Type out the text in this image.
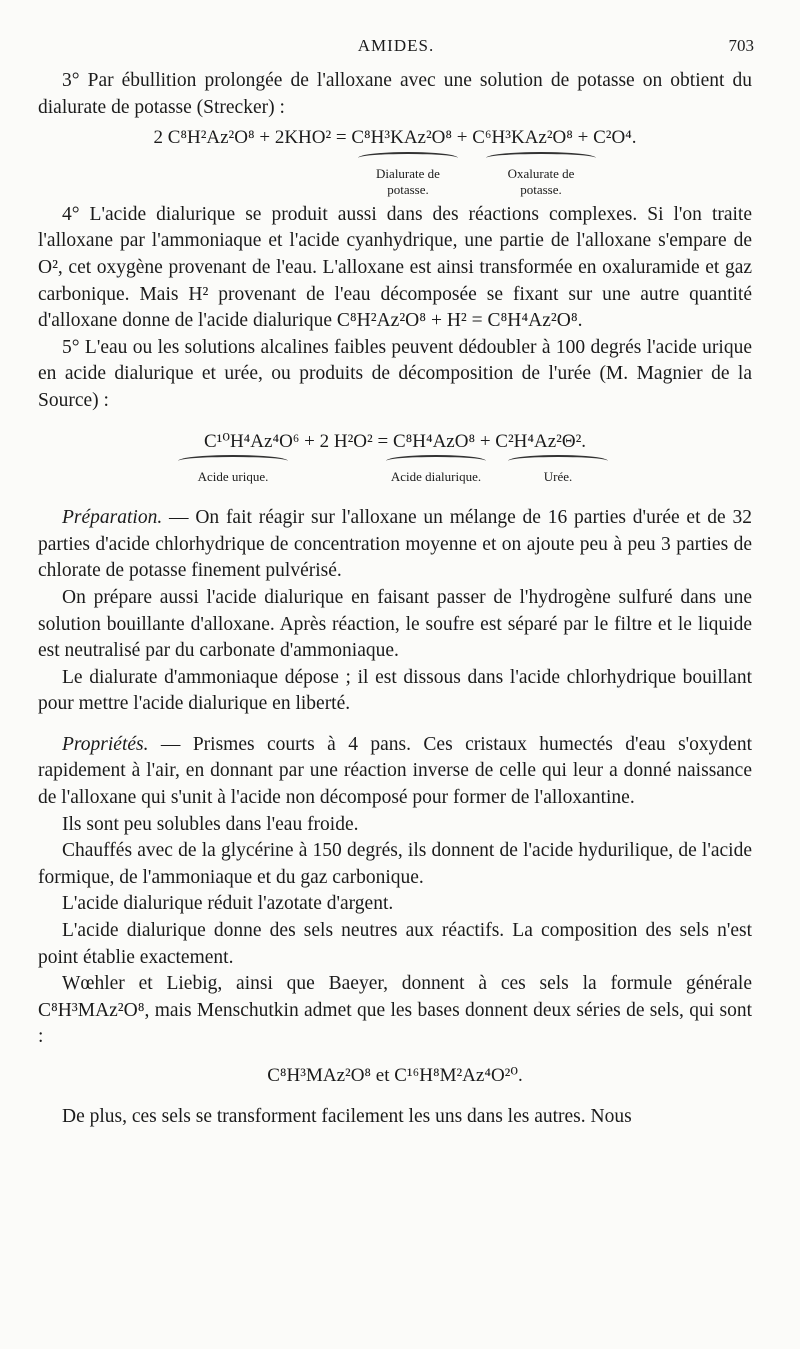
AMIDES.	703

3° Par ébullition prolongée de l'alloxane avec une solution de potasse on obtient du dialurate de potasse (Strecker) :

2 C⁸H²Az²O⁸ + 2KHO² = C⁸H³KAz²O⁸ + C⁶H³KAz²O⁸ + C²O⁴.
Dialurate de potasse.
Oxalurate de potasse.

4° L'acide dialurique se produit aussi dans des réactions complexes. Si l'on traite l'alloxane par l'ammoniaque et l'acide cyanhydrique, une partie de l'alloxane s'empare de O², cet oxygène provenant de l'eau. L'alloxane est ainsi transformée en oxaluramide et gaz carbonique. Mais H² provenant de l'eau décomposée se fixant sur une autre quantité d'alloxane donne de l'acide dialurique C⁸H²Az²O⁸ + H² = C⁸H⁴Az²O⁸.

5° L'eau ou les solutions alcalines faibles peuvent dédoubler à 100 degrés l'acide urique en acide dialurique et urée, ou produits de décomposition de l'urée (M. Magnier de la Source) :

C¹⁰H⁴Az⁴O⁶ + 2 H²O² = C⁸H⁴AzO⁸ + C²H⁴Az²Θ².
Acide urique.	Acide dialurique.	Urée.

Préparation. — On fait réagir sur l'alloxane un mélange de 16 parties d'urée et de 32 parties d'acide chlorhydrique de concentration moyenne et on ajoute peu à peu 3 parties de chlorate de potasse finement pulvérisé.

On prépare aussi l'acide dialurique en faisant passer de l'hydrogène sulfuré dans une solution bouillante d'alloxane. Après réaction, le soufre est séparé par le filtre et le liquide est neutralisé par du carbonate d'ammoniaque.

Le dialurate d'ammoniaque dépose ; il est dissous dans l'acide chlorhydrique bouillant pour mettre l'acide dialurique en liberté.

Propriétés. — Prismes courts à 4 pans. Ces cristaux humectés d'eau s'oxydent rapidement à l'air, en donnant par une réaction inverse de celle qui leur a donné naissance de l'alloxane qui s'unit à l'acide non décomposé pour former de l'alloxantine.

Ils sont peu solubles dans l'eau froide.

Chauffés avec de la glycérine à 150 degrés, ils donnent de l'acide hydurilique, de l'acide formique, de l'ammoniaque et du gaz carbonique.

L'acide dialurique réduit l'azotate d'argent.

L'acide dialurique donne des sels neutres aux réactifs. La composition des sels n'est point établie exactement.

Wœhler et Liebig, ainsi que Baeyer, donnent à ces sels la formule générale C⁸H³MAz²O⁸, mais Menschutkin admet que les bases donnent deux séries de sels, qui sont :

C⁸H³MAz²O⁸ et C¹⁶H⁸M²Az⁴O²⁰.

De plus, ces sels se transforment facilement les uns dans les autres. Nous
